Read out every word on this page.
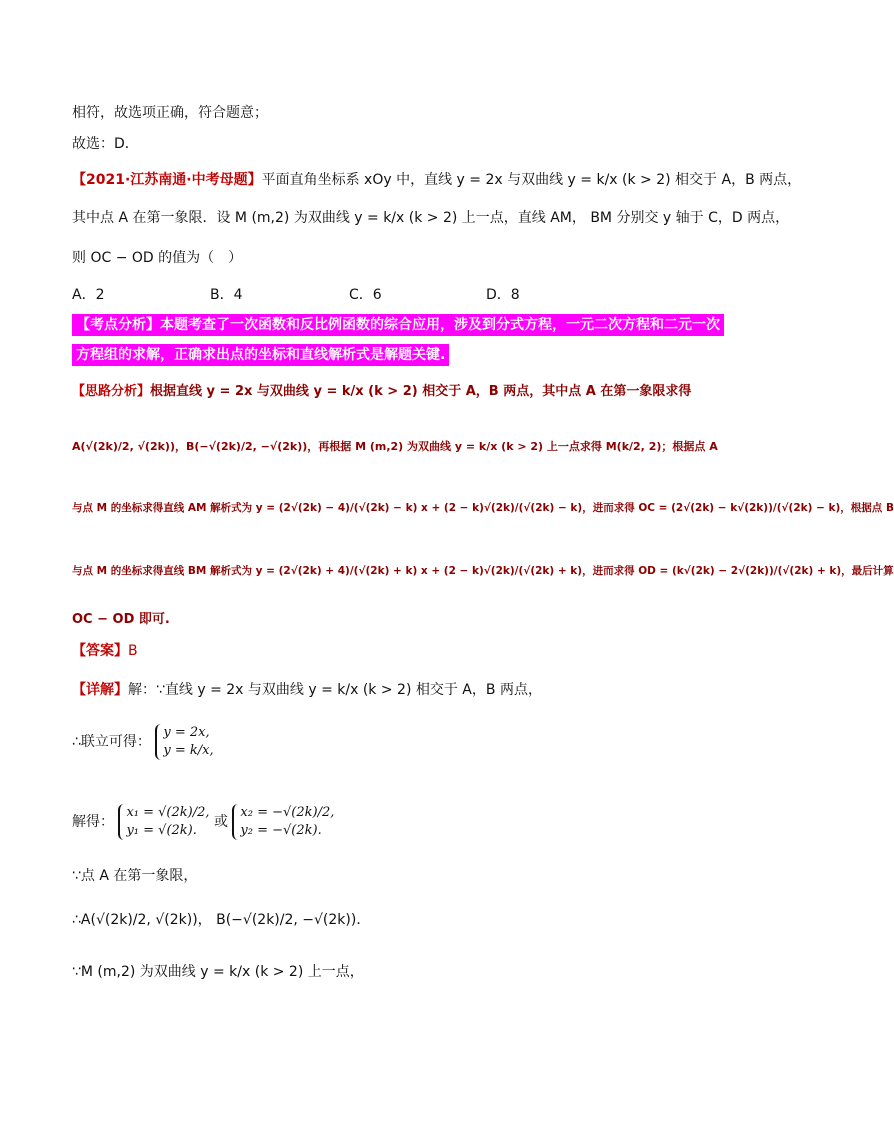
相符，故选项正确，符合题意；
故选：D．
【2021·江苏南通·中考母题】平面直角坐标系 xOy 中，直线 y = 2x 与双曲线 y = k/x (k > 2) 相交于 A，B 两点，
其中点 A 在第一象限．设 M (m,2) 为双曲线 y = k/x (k > 2) 上一点，直线 AM， BM 分别交 y 轴于 C，D 两点，
则 OC − OD 的值为（　）
A．2	B．4	C．6	D．8
【考点分析】本题考查了一次函数和反比例函数的综合应用，涉及到分式方程，一元二次方程和二元一次
方程组的求解，正确求出点的坐标和直线解析式是解题关键.
【思路分析】根据直线 y = 2x 与双曲线 y = k/x (k > 2) 相交于 A，B 两点，其中点 A 在第一象限求得
A(√(2k)/2, √(2k))，B(−√(2k)/2, −√(2k))，再根据 M (m,2) 为双曲线 y = k/x (k > 2) 上一点求得 M(k/2, 2)；根据点 A
与点 M 的坐标求得直线 AM 解析式为 y = (2√(2k) − 4)/(√(2k) − k) x + (2 − k)√(2k)/(√(2k) − k)，进而求得 OC = (2√(2k) − k√(2k))/(√(2k) − k)，根据点 B
与点 M 的坐标求得直线 BM 解析式为 y = (2√(2k) + 4)/(√(2k) + k) x + (2 − k)√(2k)/(√(2k) + k)，进而求得 OD = (k√(2k) − 2√(2k))/(√(2k) + k)，最后计算
OC − OD 即可.
【答案】B
【详解】解：∵直线 y = 2x 与双曲线 y = k/x (k > 2) 相交于 A，B 两点，
∴联立可得：
y = 2x,
y = k/x,
解得：
x₁ = √(2k)/2,
y₁ = √(2k).
或
x₂ = −√(2k)/2,
y₂ = −√(2k).
∵点 A 在第一象限，
∴A(√(2k)/2, √(2k))， B(−√(2k)/2, −√(2k))．
∵M (m,2) 为双曲线 y = k/x (k > 2) 上一点，
